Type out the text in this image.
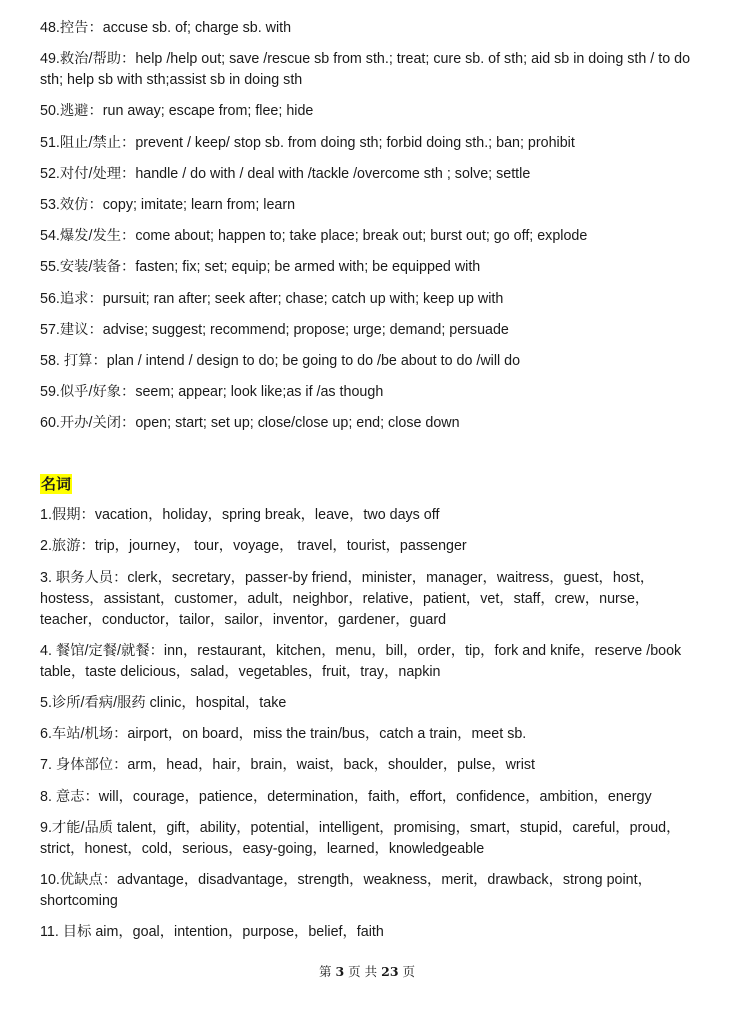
48.控告：accuse sb. of; charge sb. with
49.救治/帮助：help /help out; save /rescue sb from sth.; treat; cure sb. of sth; aid sb in doing sth / to do sth; help sb with sth;assist sb in doing sth
50.逃避：run away; escape from; flee; hide
51.阻止/禁止：prevent / keep/ stop sb. from doing sth; forbid doing sth.; ban; prohibit
52.对付/处理：handle / do with / deal with /tackle /overcome sth ; solve; settle
53.效仿：copy; imitate; learn from; learn
54.爆发/发生：come about; happen to; take place; break out; burst out; go off; explode
55.安装/装备：fasten; fix; set; equip; be armed with; be equipped with
56.追求：pursuit; ran after; seek after; chase; catch up with; keep up with
57.建议：advise; suggest; recommend; propose; urge; demand; persuade
58. 打算：plan / intend / design to do; be going to do /be about to do /will do
59.似乎/好象：seem; appear; look like;as if /as though
60.开办/关闭：open; start; set up; close/close up; end; close down
名词
1.假期：vacation，holiday，spring break，leave，two days off
2.旅游：trip，journey， tour，voyage， travel，tourist，passenger
3. 职务人员：clerk，secretary，passer-by friend，minister，manager，waitress，guest，host，hostess，assistant，customer，adult，neighbor，relative，patient，vet，staff，crew，nurse，teacher，conductor，tailor，sailor，inventor，gardener，guard
4. 餐馆/定餐/就餐：inn，restaurant，kitchen，menu，bill，order，tip，fork and knife，reserve /book table，taste delicious，salad，vegetables，fruit，tray，napkin
5.诊所/看病/服药 clinic，hospital，take
6.车站/机场：airport，on board，miss the train/bus，catch a train，meet sb.
7. 身体部位：arm，head，hair，brain，waist，back，shoulder，pulse，wrist
8. 意志：will，courage，patience，determination，faith，effort，confidence，ambition，energy
9.才能/品质 talent，gift，ability，potential，intelligent，promising，smart，stupid，careful，proud，strict，honest，cold，serious，easy-going，learned，knowledgeable
10.优缺点：advantage，disadvantage，strength，weakness，merit，drawback，strong point，shortcoming
11. 目标 aim，goal，intention，purpose，belief，faith
第 3 页 共 23 页
